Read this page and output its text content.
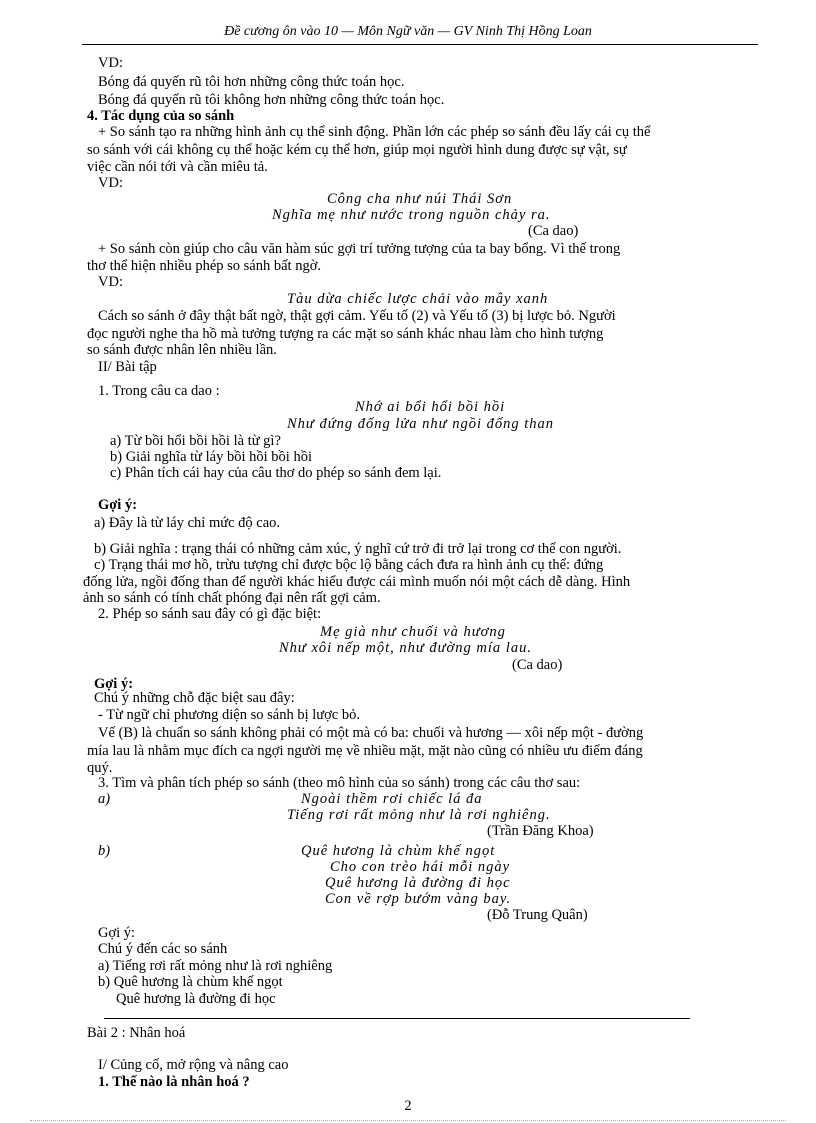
Đề cương ôn vào 10 — Môn Ngữ văn — GV Ninh Thị Hồng Loan
VD:
Bóng đá quyến rũ tôi hơn những công thức toán học.
Bóng đá quyến rũ tôi không hơn những công thức toán học.
4. Tác dụng của so sánh
+ So sánh tạo ra những hình ảnh cụ thể sinh động. Phần lớn các phép so sánh đều lấy cái cụ thể
so sánh với cái không cụ thể hoặc kém cụ thể hơn, giúp mọi người hình dung được sự vật, sự
việc cần nói tới và cần miêu tả.
VD:
Công cha như núi Thái Sơn
Nghĩa mẹ như nước trong nguồn chảy ra.
(Ca dao)
+ So sánh còn giúp cho câu văn hàm súc gợi trí tưởng tượng của ta bay bổng. Vì thế trong
thơ thể hiện nhiều phép so sánh bất ngờ.
VD:
Tàu dừa chiếc lược chải vào mây xanh
Cách so sánh ở đây thật bất ngờ, thật gợi cảm. Yếu tố (2) và Yếu tố (3) bị lược bỏ. Người
đọc người nghe tha hồ mà tưởng tượng ra các mặt so sánh khác nhau làm cho hình tượng
so sánh được nhân lên nhiều lần.
II/ Bài tập
1. Trong câu ca dao :
Nhớ ai bổi hổi bồi hồi
Như đứng đống lửa như ngồi đống than
a) Từ bồi hổi bồi hồi là từ gì?
b) Giải nghĩa từ láy bồi hồi bồi hồi
c) Phân tích cái hay của câu thơ do phép so sánh đem lại.
Gợi ý:
a) Đây là từ láy chỉ mức độ cao.
b) Giải nghĩa : trạng thái có những cảm xúc, ý nghĩ cứ trở đi trở lại trong cơ thể con người.
c) Trạng thái mơ hồ, trừu tượng chỉ được bộc lộ bằng cách đưa ra hình ảnh cụ thể: đứng
đống lửa, ngồi đống than để người khác hiểu được cái mình muốn nói một cách dễ dàng. Hình
ảnh so sánh có tính chất phóng đại nên rất gợi cảm.
2. Phép so sánh sau đây có gì đặc biệt:
Mẹ già như chuối và hương
Như xôi nếp một, như đường mía lau.
(Ca dao)
Gợi ý:
Chú ý những chỗ đặc biệt sau đây:
- Từ ngữ chỉ phương diện so sánh bị lược bỏ.
Vế (B) là chuẩn so sánh không phải có một mà có ba: chuối và hương — xôi nếp một - đường
mía lau là nhằm mục đích ca ngợi người mẹ về nhiều mặt, mặt nào cũng có nhiều ưu điểm đáng
quý.
3. Tìm và phân tích phép so sánh (theo mô hình của so sánh) trong các câu thơ sau:
a)	Ngoài thềm rơi chiếc lá đa
Tiếng rơi rất mỏng như là rơi nghiêng.
(Trần Đăng Khoa)
b)	Quê hương là chùm khế ngọt
Cho con trèo hái mỗi ngày
Quê hương là đường đi học
Con về rợp bướm vàng bay.
(Đỗ Trung Quân)
Gợi ý:
Chú ý đến các so sánh
a) Tiếng rơi rất mỏng như là rơi nghiêng
b) Quê hương là chùm khế ngọt
Quê hương là đường đi học
Bài 2 : Nhân hoá
I/ Củng cố, mở rộng và nâng cao
1. Thế nào là nhân hoá ?
2
